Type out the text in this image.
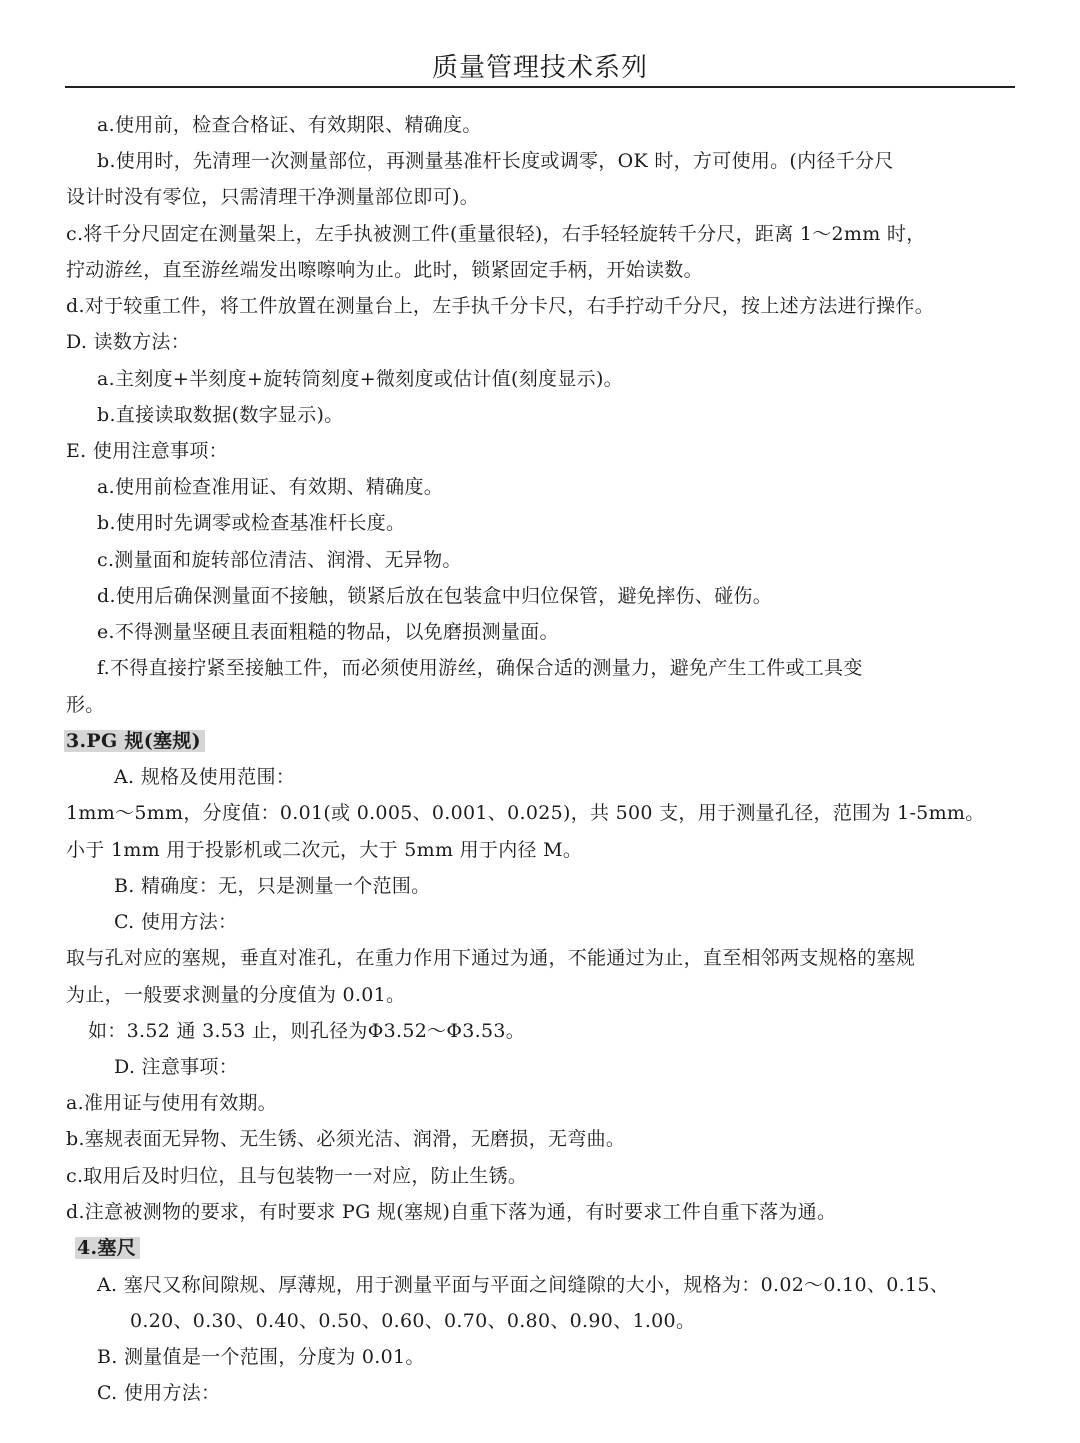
质量管理技术系列
a.使用前，检查合格证、有效期限、精确度。
b.使用时，先清理一次测量部位，再测量基准杆长度或调零，OK 时，方可使用。(内径千分尺
设计时没有零位，只需清理干净测量部位即可)。
c.将千分尺固定在测量架上，左手执被测工件(重量很轻)，右手轻轻旋转千分尺，距离 1～2mm 时，
拧动游丝，直至游丝端发出嚓嚓响为止。此时，锁紧固定手柄，开始读数。
d.对于较重工件，将工件放置在测量台上，左手执千分卡尺，右手拧动千分尺，按上述方法进行操作。
D. 读数方法：
a.主刻度+半刻度+旋转筒刻度+微刻度或估计值(刻度显示)。
b.直接读取数据(数字显示)。
E. 使用注意事项：
a.使用前检查准用证、有效期、精确度。
b.使用时先调零或检查基准杆长度。
c.测量面和旋转部位清洁、润滑、无异物。
d.使用后确保测量面不接触，锁紧后放在包装盒中归位保管，避免摔伤、碰伤。
e.不得测量坚硬且表面粗糙的物品，以免磨损测量面。
f.不得直接拧紧至接触工件，而必须使用游丝，确保合适的测量力，避免产生工件或工具变
形。
3.PG 规(塞规)
A. 规格及使用范围：
1mm～5mm，分度值：0.01(或 0.005、0.001、0.025)，共 500 支，用于测量孔径，范围为 1-5mm。
小于 1mm 用于投影机或二次元，大于 5mm 用于内径 M。
B. 精确度：无，只是测量一个范围。
C. 使用方法：
取与孔对应的塞规，垂直对准孔，在重力作用下通过为通，不能通过为止，直至相邻两支规格的塞规
为止，一般要求测量的分度值为 0.01。
如：3.52 通 3.53 止，则孔径为Φ3.52～Φ3.53。
D. 注意事项：
a.准用证与使用有效期。
b.塞规表面无异物、无生锈、必须光洁、润滑，无磨损，无弯曲。
c.取用后及时归位，且与包装物一一对应，防止生锈。
d.注意被测物的要求，有时要求 PG 规(塞规)自重下落为通，有时要求工件自重下落为通。
4.塞尺
A. 塞尺又称间隙规、厚薄规，用于测量平面与平面之间缝隙的大小，规格为：0.02～0.10、0.15、
0.20、0.30、0.40、0.50、0.60、0.70、0.80、0.90、1.00。
B. 测量值是一个范围，分度为 0.01。
C. 使用方法：
